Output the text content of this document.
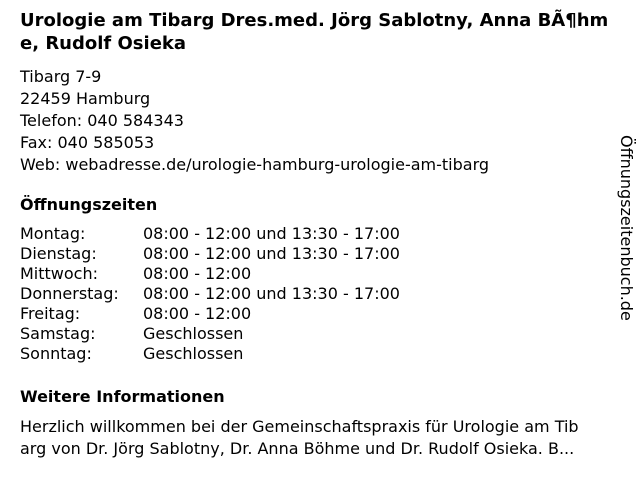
Urologie am Tibarg Dres.med. Jörg Sablotny, Anna BÃ¶hme, Rudolf Osieka
Tibarg 7-9
22459 Hamburg
Telefon: 040 584343
Fax: 040 585053
Web: webadresse.de/urologie-hamburg-urologie-am-tibarg
Öffnungszeiten
Montag:	08:00 - 12:00 und 13:30 - 17:00
Dienstag:	08:00 - 12:00 und 13:30 - 17:00
Mittwoch:	08:00 - 12:00
Donnerstag:	08:00 - 12:00 und 13:30 - 17:00
Freitag:	08:00 - 12:00
Samstag:	Geschlossen
Sonntag:	Geschlossen
Weitere Informationen
Herzlich willkommen bei der Gemeinschaftspraxis für Urologie am Tib
arg von Dr. Jörg Sablotny, Dr. Anna Böhme und Dr. Rudolf Osieka. B...
Öffnungszeitenbuch.de
